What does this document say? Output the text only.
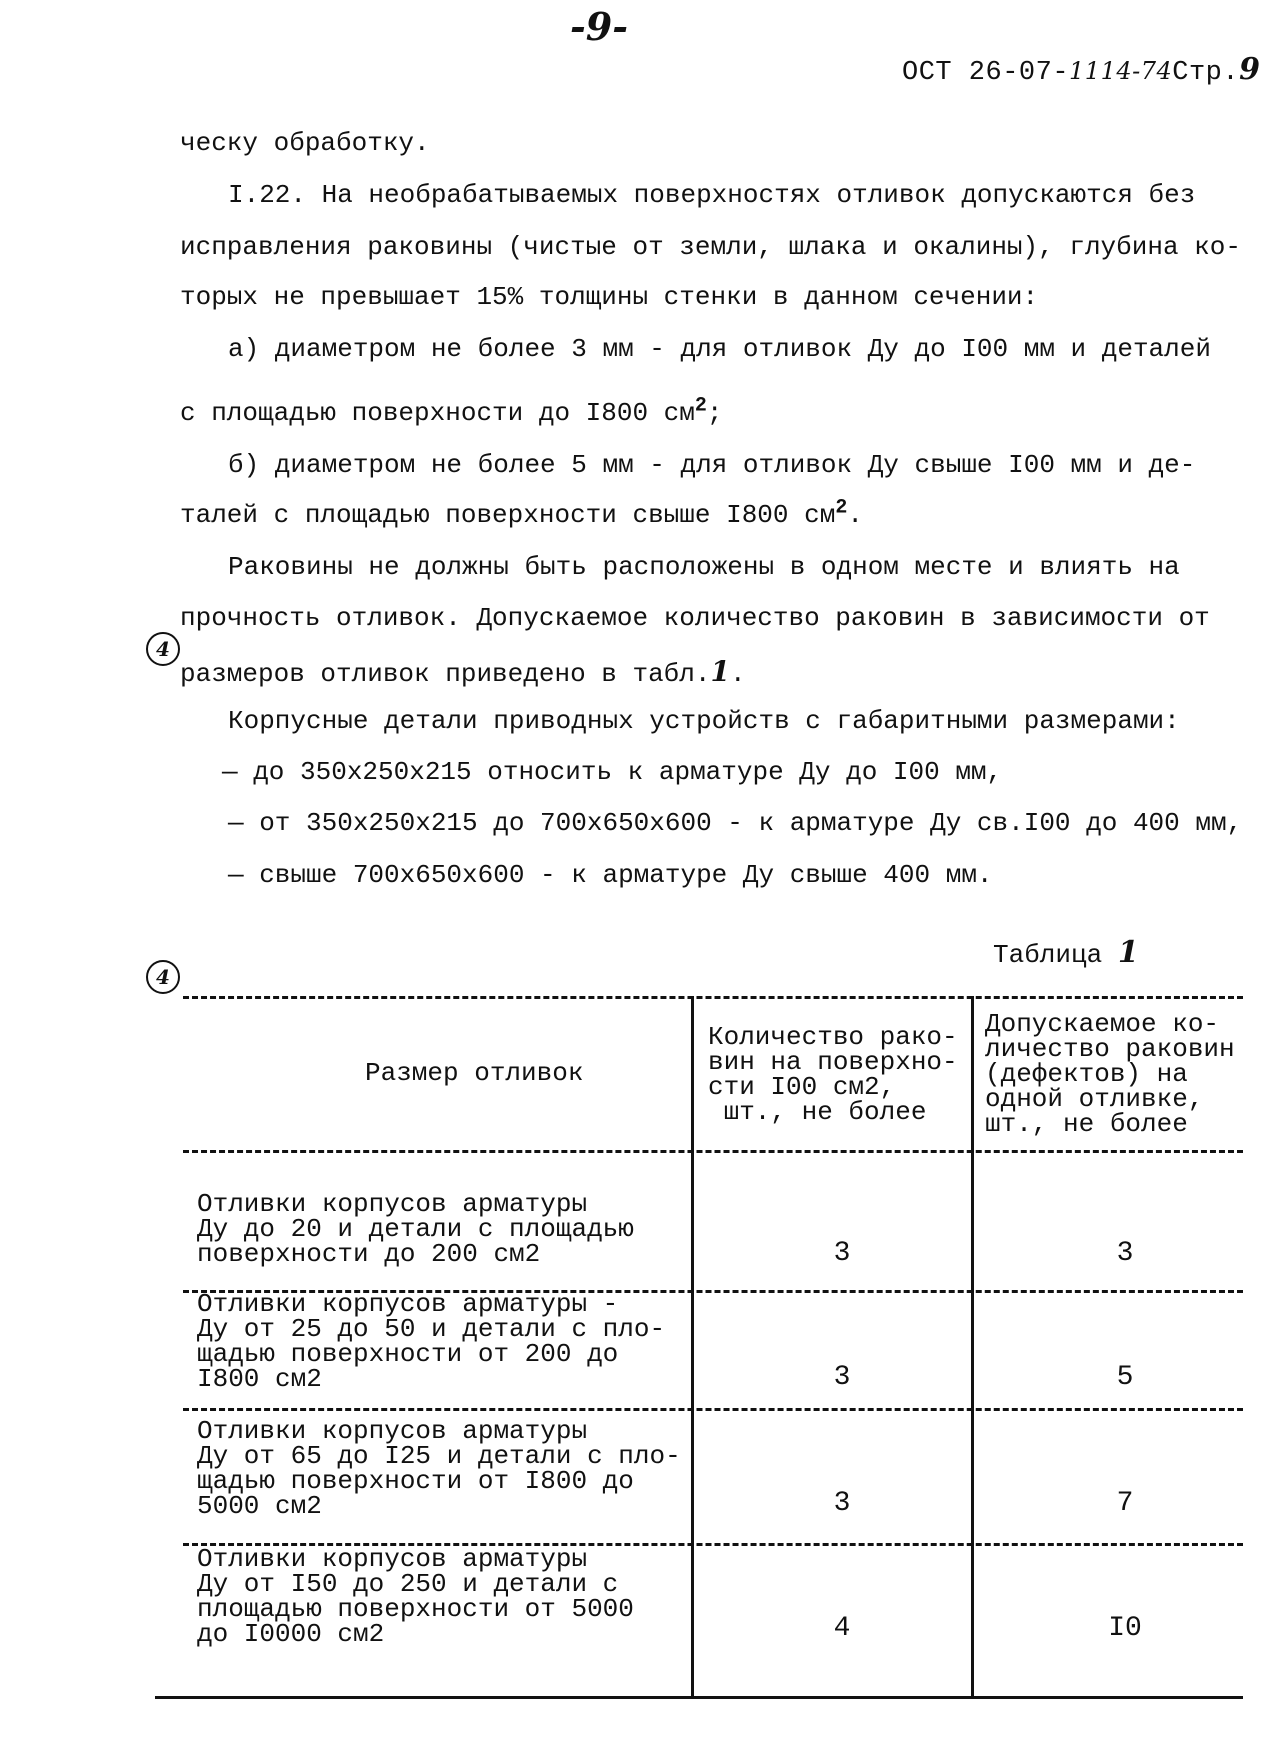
-9-
ОСТ 26-07-1114-74Стр.9
ческу обработку.
I.22. На необрабатываемых поверхностях отливок допускаются без
исправления раковины (чистые от земли, шлака и окалины), глубина ко-
торых не превышает 15% толщины стенки в данном сечении:
а) диаметром не более 3 мм - для отливок Ду до I00 мм и деталей
с площадью поверхности до I800 $см^2$;
б) диаметром не более 5 мм - для отливок Ду свыше I00 мм и де-
талей с площадью поверхности свыше I800 $см^2$.
Раковины не должны быть расположены в одном месте и влиять на
прочность отливок. Допускаемое количество раковин в зависимости от
4
размеров отливок приведено в табл.1.
Корпусные детали приводных устройств с габаритными размерами:
— до 350х250х215 относить к арматуре Ду до I00 мм,
— от 350х250х215 до 700х650х600 - к арматуре Ду св.I00 до 400 мм,
— свыше 700х650х600 - к арматуре Ду свыше 400 мм.
Таблица 1
4
Размер отливок
Количество рако-
вин на поверхно-
сти I00 см2,
шт., не более
Допускаемое ко-
личество раковин
(дефектов) на
одной отливке,
шт., не более
Отливки корпусов арматуры
Ду до 20 и детали с площадью
поверхности до 200 см2	3	3
Отливки корпусов арматуры -
Ду от 25 до 50 и детали с пло-
щадью поверхности от 200 до
I800 см2	3	5
Отливки корпусов арматуры
Ду от 65 до I25 и детали с пло-
щадью поверхности от I800 до
5000 см2	3	7
Отливки корпусов арматуры
Ду от I50 до 250 и детали с
площадью поверхности от 5000
до I0000 см2	4	I0
